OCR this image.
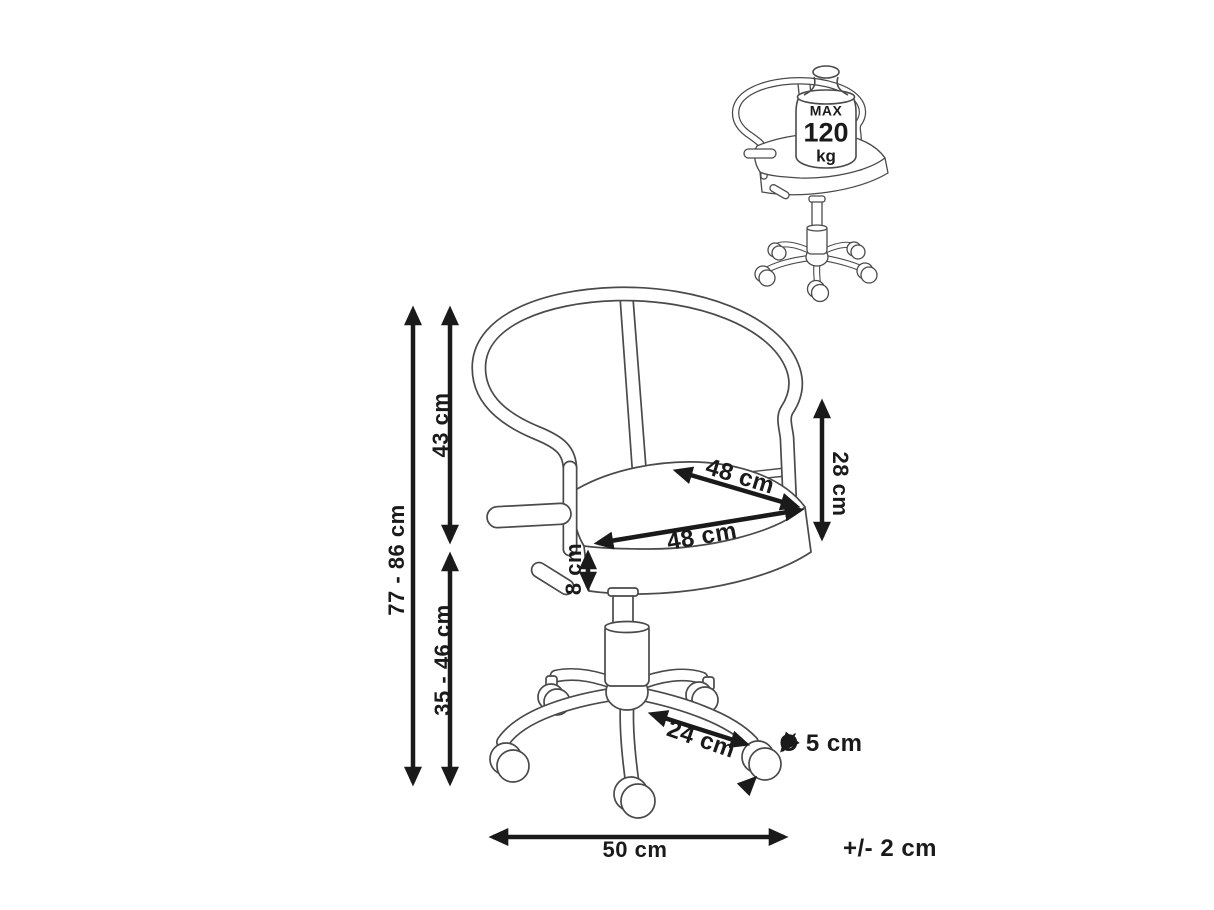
77 - 86 cm
43 cm
35 - 46 cm
28 cm
48 cm
48 cm
8 cm
24 cm Ø 5 cm
50 cm	+/- 2 cm
MAX
120
kg
